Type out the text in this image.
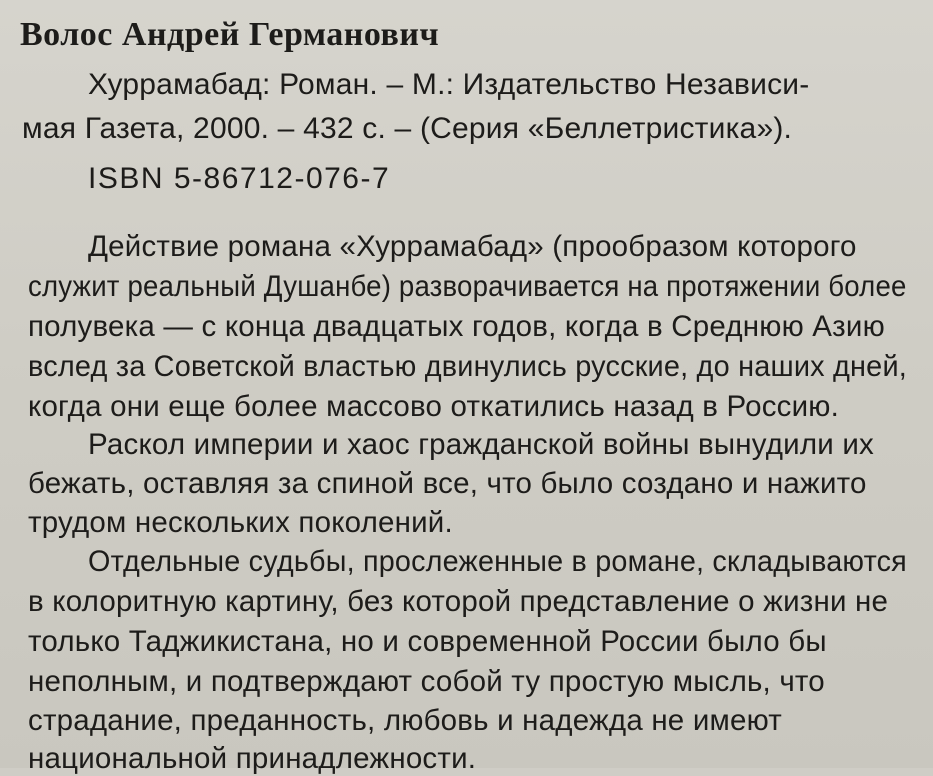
Волос Андрей Германович
Хуррамабад: Роман. – М.: Издательство Независи-
мая Газета, 2000. – 432 с. – (Серия «Беллетристика»).
ISBN 5-86712-076-7
Действие романа «Хуррамабад» (прообразом которого
служит реальный Душанбе) разворачивается на протяжении более
полувека — с конца двадцатых годов, когда в Среднюю Азию
вслед за Советской властью двинулись русские, до наших дней,
когда они еще более массово откатились назад в Россию.
Раскол империи и хаос гражданской войны вынудили их
бежать, оставляя за спиной все, что было создано и нажито
трудом нескольких поколений.
Отдельные судьбы, прослеженные в романе, складываются
в колоритную картину, без которой представление о жизни не
только Таджикистана, но и современной России было бы
неполным, и подтверждают собой ту простую мысль, что
страдание, преданность, любовь и надежда не имеют
национальной принадлежности.
